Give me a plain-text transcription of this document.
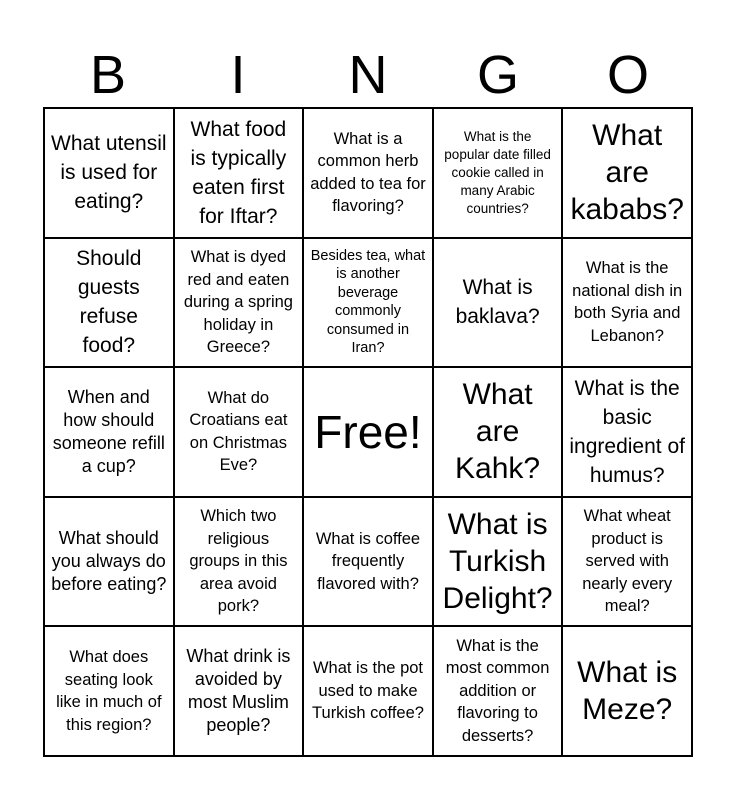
B	I	N	G	O
What utensil is used for eating?
What food is typically eaten first for Iftar?
What is a common herb added to tea for flavoring?
What is the popular date filled cookie called in many Arabic countries?
What are kababs?
Should guests refuse food?
What is dyed red and eaten during a spring holiday in Greece?
Besides tea, what is another beverage commonly consumed in Iran?
What is baklava?
What is the national dish in both Syria and Lebanon?
When and how should someone refill a cup?
What do Croatians eat on Christmas Eve?
Free!
What are Kahk?
What is the basic ingredient of humus?
What should you always do before eating?
Which two religious groups in this area avoid pork?
What is coffee frequently flavored with?
What is Turkish Delight?
What wheat product is served with nearly every meal?
What does seating look like in much of this region?
What drink is avoided by most Muslim people?
What is the pot used to make Turkish coffee?
What is the most common addition or flavoring to desserts?
What is Meze?
